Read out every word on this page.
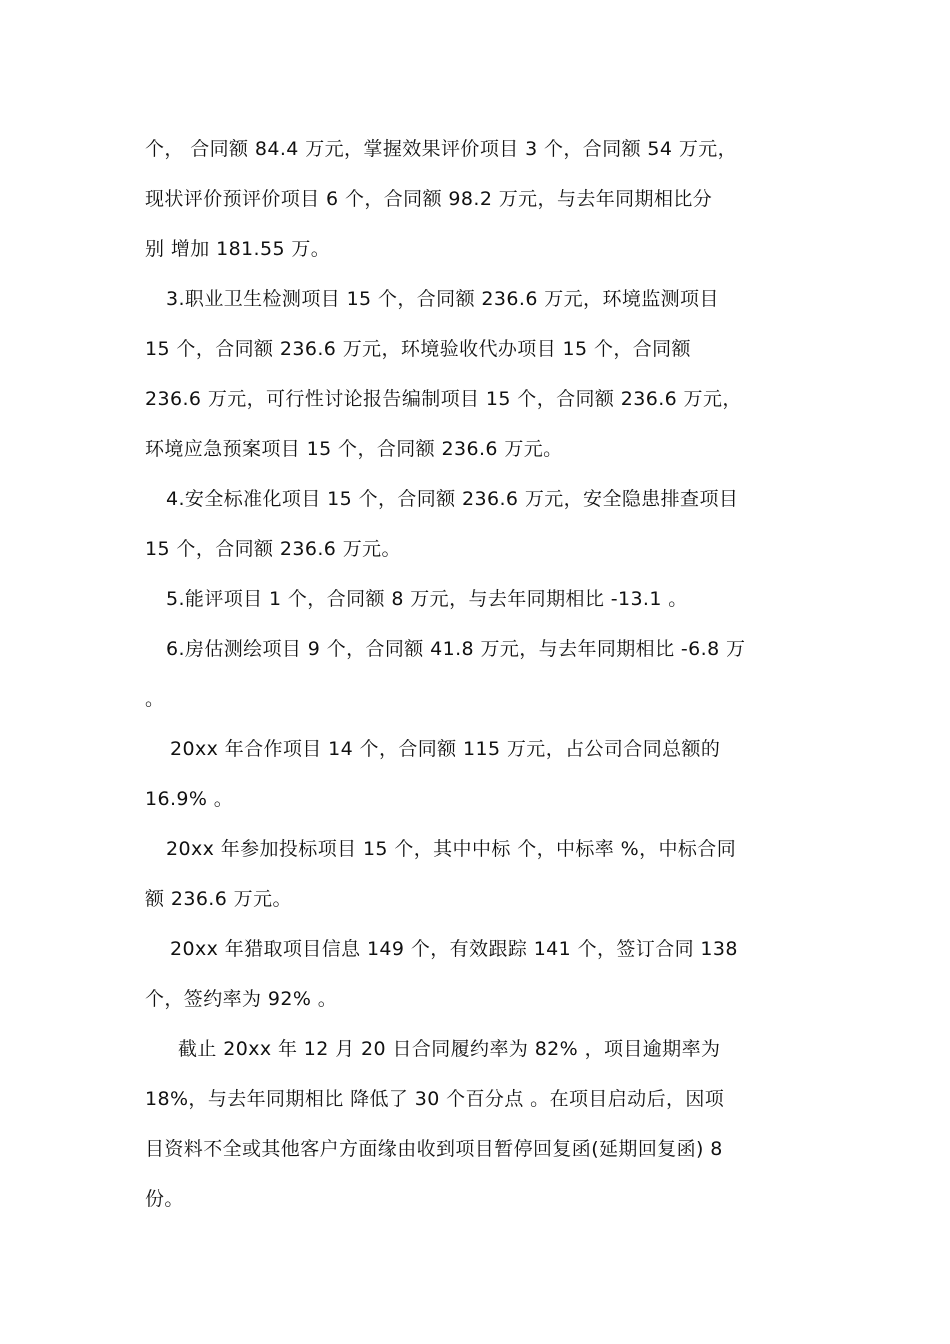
个， 合同额 84.4 万元，掌握效果评价项目 3 个，合同额 54 万元，
现状评价预评价项目 6 个，合同额 98.2 万元，与去年同期相比分
别 增加 181.55 万。
3.职业卫生检测项目 15 个，合同额 236.6 万元，环境监测项目
15 个，合同额 236.6 万元，环境验收代办项目 15 个，合同额
236.6 万元，可行性讨论报告编制项目 15 个，合同额 236.6 万元，
环境应急预案项目 15 个，合同额 236.6 万元。
4.安全标准化项目 15 个，合同额 236.6 万元，安全隐患排查项目
15 个，合同额 236.6 万元。
5.能评项目 1 个，合同额 8 万元，与去年同期相比 -13.1 。
6.房估测绘项目 9 个，合同额 41.8 万元，与去年同期相比 -6.8 万
。
20xx 年合作项目 14 个，合同额 115 万元，占公司合同总额的
16.9% 。
20xx 年参加投标项目 15 个，其中中标 个，中标率 %，中标合同
额 236.6 万元。
20xx 年猎取项目信息 149 个，有效跟踪 141 个，签订合同 138
个，签约率为 92% 。
截止 20xx 年 12 月 20 日合同履约率为 82% ，项目逾期率为
18%，与去年同期相比 降低了 30 个百分点 。在项目启动后，因项
目资料不全或其他客户方面缘由收到项目暂停回复函(延期回复函) 8
份。
